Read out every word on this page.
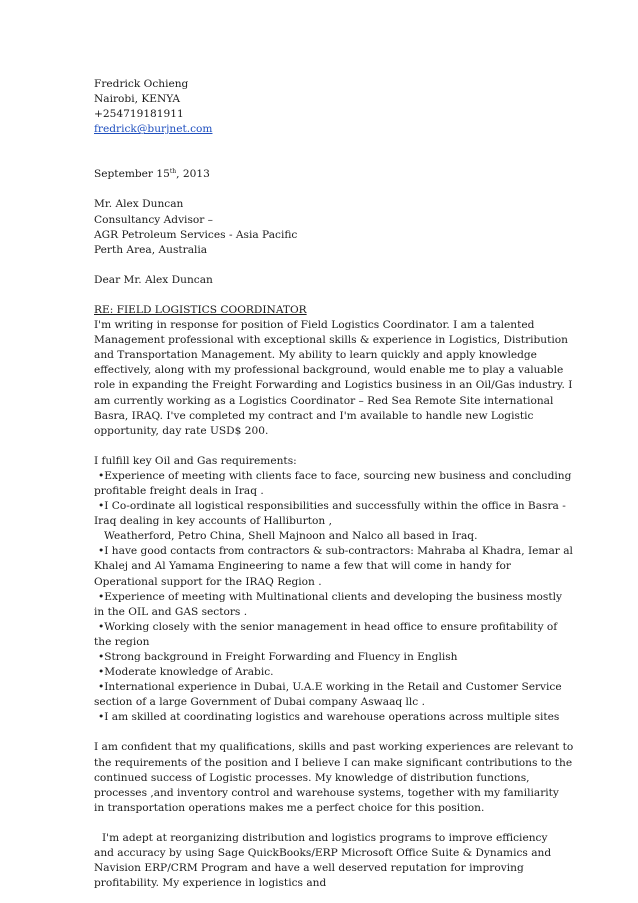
Fredrick Ochieng
Nairobi, KENYA
+254719181911
fredrick@burjnet.com
September 15th, 2013
Mr. Alex Duncan
Consultancy Advisor –
AGR Petroleum Services - Asia Pacific
Perth Area, Australia
Dear Mr. Alex Duncan
RE: FIELD LOGISTICS COORDINATOR
I'm writing in response for position of Field Logistics Coordinator. I am a talented
Management professional with exceptional skills & experience in Logistics, Distribution
and Transportation Management. My ability to learn quickly and apply knowledge
effectively, along with my professional background, would enable me to play a valuable
role in expanding the Freight Forwarding and Logistics business in an Oil/Gas industry. I
am currently working as a Logistics Coordinator – Red Sea Remote Site international
Basra, IRAQ. I've completed my contract and I'm available to handle new Logistic
opportunity, day rate USD$ 200.
I fulfill key Oil and Gas requirements:
•Experience of meeting with clients face to face, sourcing new business and concluding
profitable freight deals in Iraq .
•I Co-ordinate all logistical responsibilities and successfully within the office in Basra -
Iraq dealing in key accounts of Halliburton ,
Weatherford, Petro China, Shell Majnoon and Nalco all based in Iraq.
•I have good contacts from contractors & sub-contractors: Mahraba al Khadra, Iemar al
Khalej and Al Yamama Engineering to name a few that will come in handy for
Operational support for the IRAQ Region .
•Experience of meeting with Multinational clients and developing the business mostly
in the OIL and GAS sectors .
•Working closely with the senior management in head office to ensure profitability of
the region
•Strong background in Freight Forwarding and Fluency in English
•Moderate knowledge of Arabic.
•International experience in Dubai, U.A.E working in the Retail and Customer Service
section of a large Government of Dubai company Aswaaq llc .
•I am skilled at coordinating logistics and warehouse operations across multiple sites
I am confident that my qualifications, skills and past working experiences are relevant to
the requirements of the position and I believe I can make significant contributions to the
continued success of Logistic processes. My knowledge of distribution functions,
processes ,and inventory control and warehouse systems, together with my familiarity
in transportation operations makes me a perfect choice for this position.
I'm adept at reorganizing distribution and logistics programs to improve efficiency
and accuracy by using Sage QuickBooks/ERP Microsoft Office Suite & Dynamics and
Navision ERP/CRM Program and have a well deserved reputation for improving
profitability. My experience in logistics and
